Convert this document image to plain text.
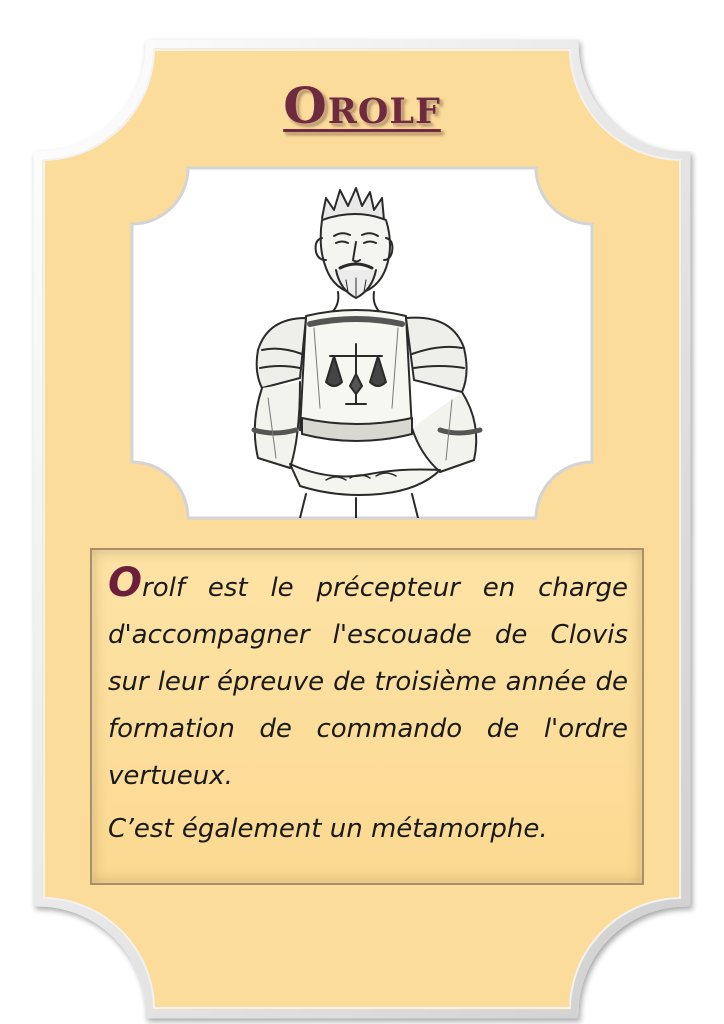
Orolf

Orolf est le précepteur en charge d'accompagner l'escouade de Clovis sur leur épreuve de troisième année de formation de commando de l'ordre vertueux.

C’est également un métamorphe.
